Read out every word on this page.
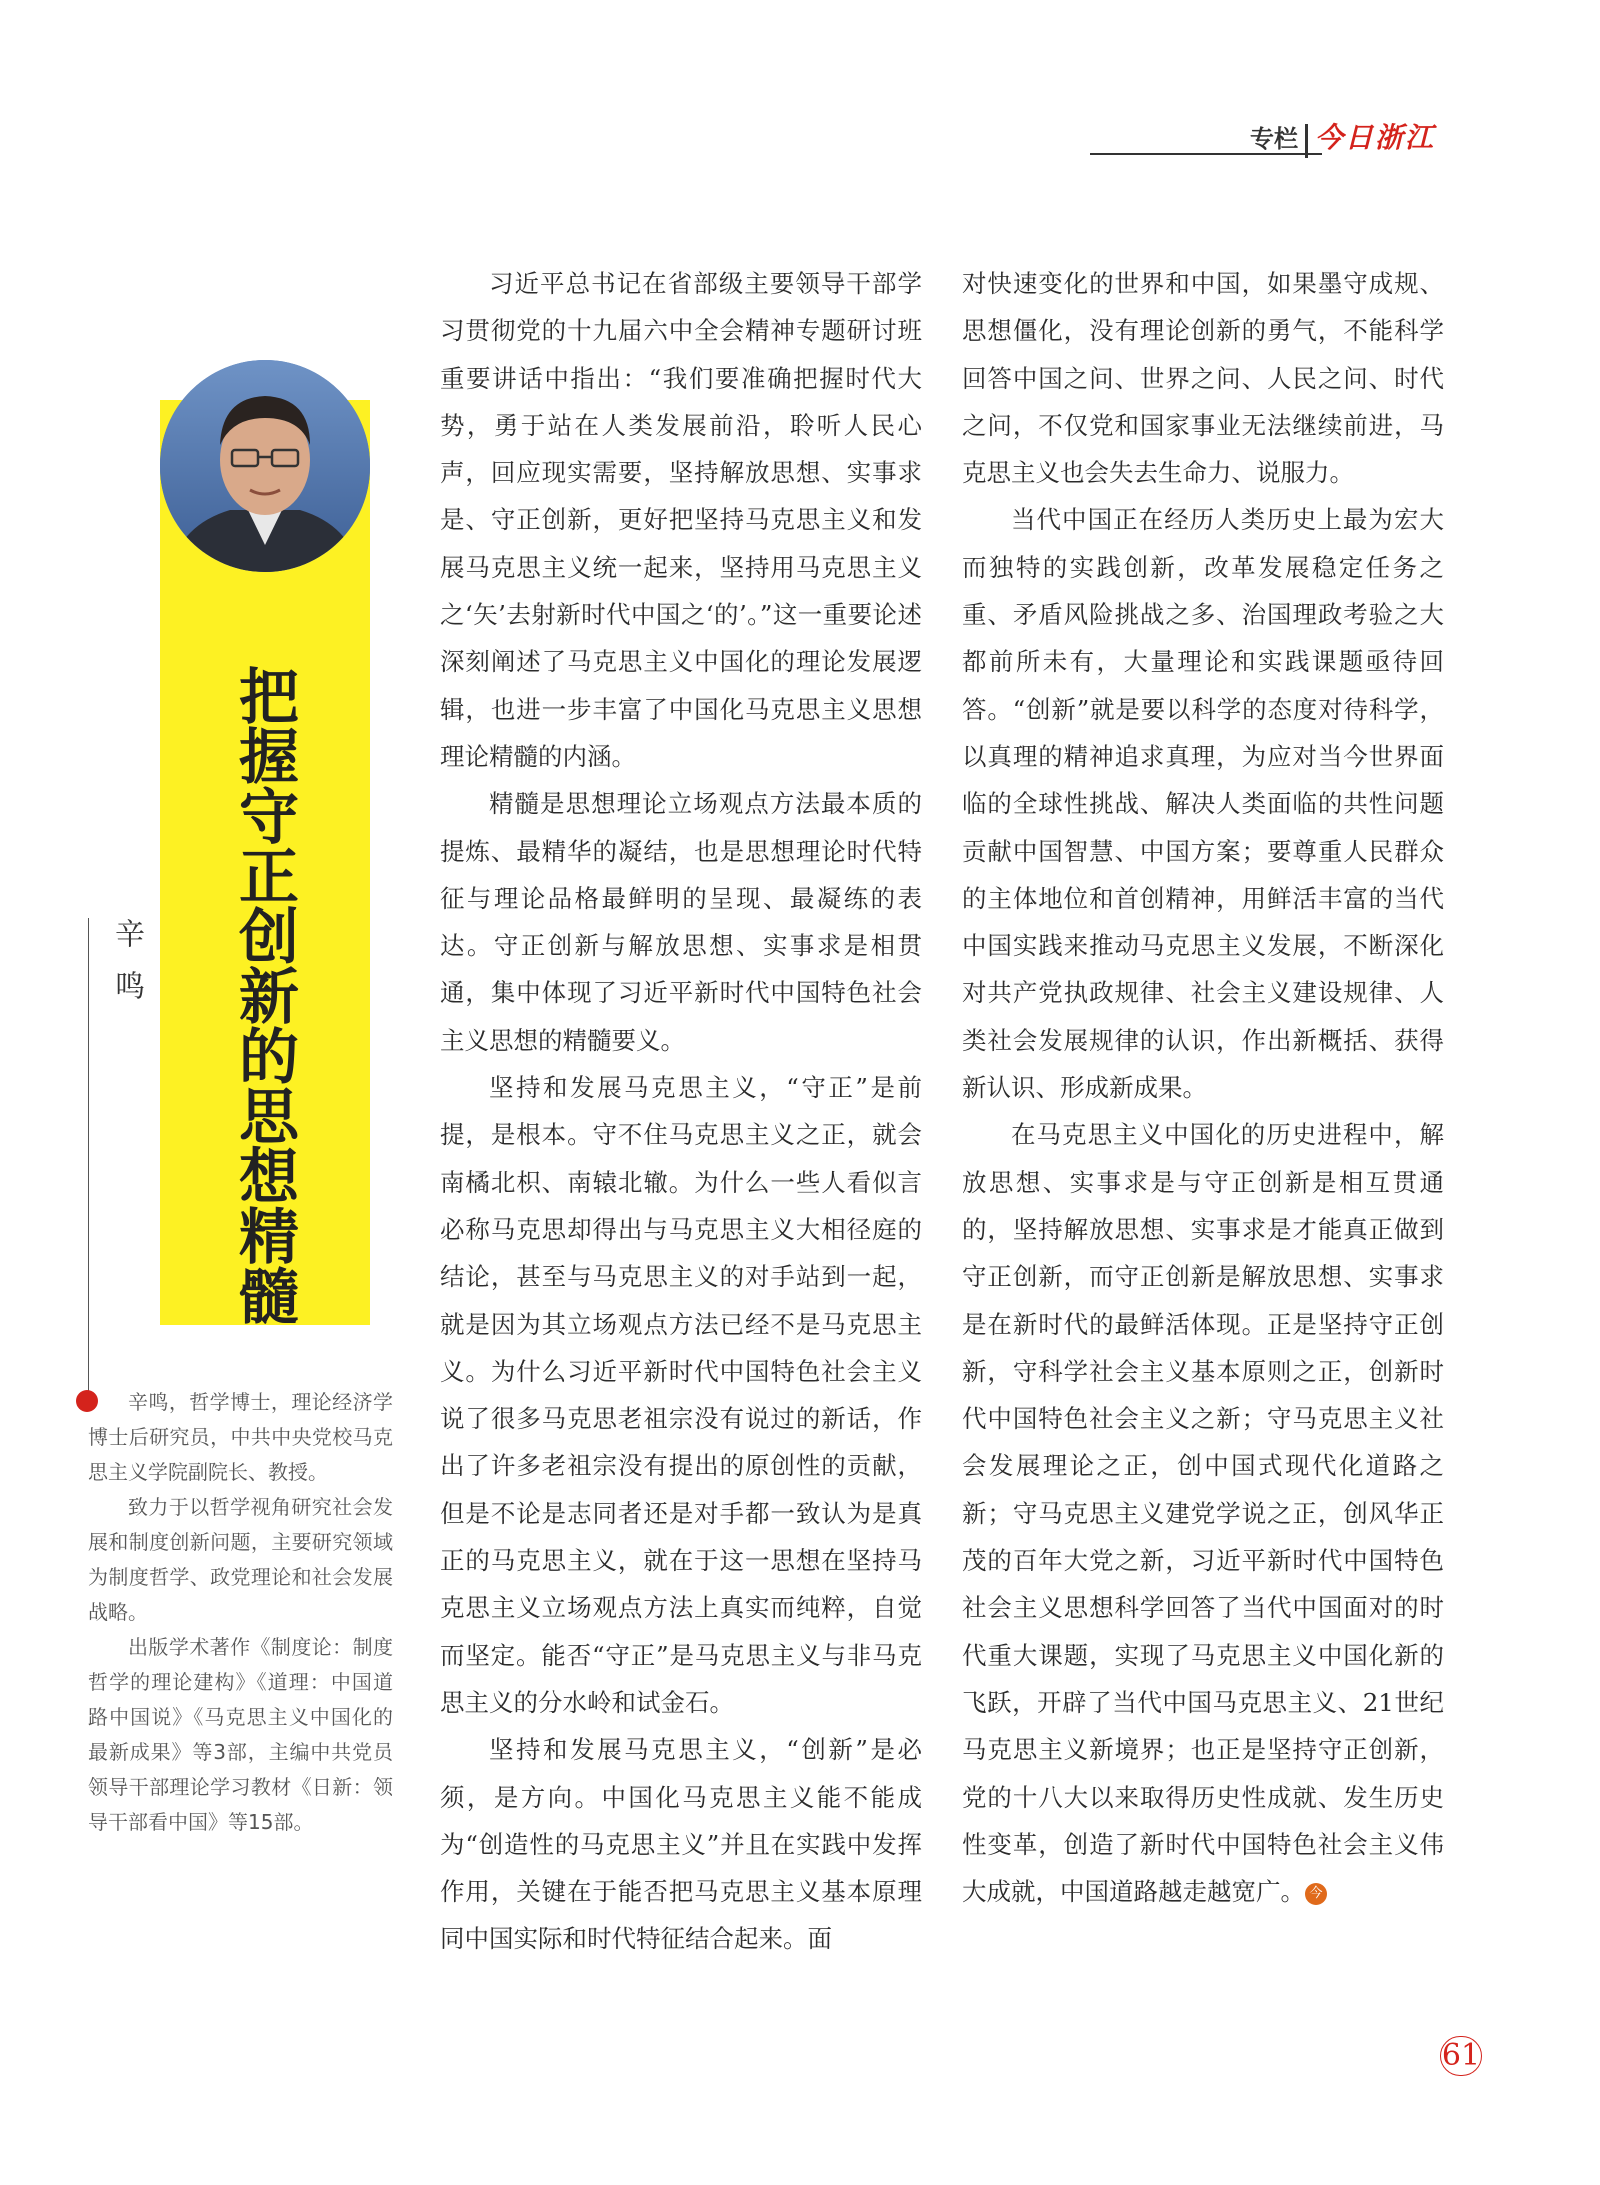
专栏 今日浙江
把握守正创新的思想精髓
辛鸣

辛鸣，哲学博士，理论经济学博士后研究员，中共中央党校马克思主义学院副院长、教授。

致力于以哲学视角研究社会发展和制度创新问题，主要研究领域为制度哲学、政党理论和社会发展战略。

出版学术著作《制度论：制度哲学的理论建构》《道理：中国道路中国说》《马克思主义中国化的最新成果》等3部，主编中共党员领导干部理论学习教材《日新：领导干部看中国》等15部。

习近平总书记在省部级主要领导干部学习贯彻党的十九届六中全会精神专题研讨班重要讲话中指出：“我们要准确把握时代大势，勇于站在人类发展前沿，聆听人民心声，回应现实需要，坚持解放思想、实事求是、守正创新，更好把坚持马克思主义和发展马克思主义统一起来，坚持用马克思主义之‘矢’去射新时代中国之‘的’。”这一重要论述深刻阐述了马克思主义中国化的理论发展逻辑，也进一步丰富了中国化马克思主义思想理论精髓的内涵。

精髓是思想理论立场观点方法最本质的提炼、最精华的凝结，也是思想理论时代特征与理论品格最鲜明的呈现、最凝练的表达。守正创新与解放思想、实事求是相贯通，集中体现了习近平新时代中国特色社会主义思想的精髓要义。

坚持和发展马克思主义，“守正”是前提，是根本。守不住马克思主义之正，就会南橘北枳、南辕北辙。为什么一些人看似言必称马克思却得出与马克思主义大相径庭的结论，甚至与马克思主义的对手站到一起，就是因为其立场观点方法已经不是马克思主义。为什么习近平新时代中国特色社会主义说了很多马克思老祖宗没有说过的新话，作出了许多老祖宗没有提出的原创性的贡献，但是不论是志同者还是对手都一致认为是真正的马克思主义，就在于这一思想在坚持马克思主义立场观点方法上真实而纯粹，自觉而坚定。能否“守正”是马克思主义与非马克思主义的分水岭和试金石。

坚持和发展马克思主义，“创新”是必须，是方向。中国化马克思主义能不能成为“创造性的马克思主义”并且在实践中发挥作用，关键在于能否把马克思主义基本原理同中国实际和时代特征结合起来。面

对快速变化的世界和中国，如果墨守成规、思想僵化，没有理论创新的勇气，不能科学回答中国之问、世界之问、人民之问、时代之问，不仅党和国家事业无法继续前进，马克思主义也会失去生命力、说服力。

当代中国正在经历人类历史上最为宏大而独特的实践创新，改革发展稳定任务之重、矛盾风险挑战之多、治国理政考验之大都前所未有，大量理论和实践课题亟待回答。“创新”就是要以科学的态度对待科学，以真理的精神追求真理，为应对当今世界面临的全球性挑战、解决人类面临的共性问题贡献中国智慧、中国方案；要尊重人民群众的主体地位和首创精神，用鲜活丰富的当代中国实践来推动马克思主义发展，不断深化对共产党执政规律、社会主义建设规律、人类社会发展规律的认识，作出新概括、获得新认识、形成新成果。

在马克思主义中国化的历史进程中，解放思想、实事求是与守正创新是相互贯通的，坚持解放思想、实事求是才能真正做到守正创新，而守正创新是解放思想、实事求是在新时代的最鲜活体现。正是坚持守正创新，守科学社会主义基本原则之正，创新时代中国特色社会主义之新；守马克思主义社会发展理论之正，创中国式现代化道路之新；守马克思主义建党学说之正，创风华正茂的百年大党之新，习近平新时代中国特色社会主义思想科学回答了当代中国面对的时代重大课题，实现了马克思主义中国化新的飞跃，开辟了当代中国马克思主义、21世纪马克思主义新境界；也正是坚持守正创新，党的十八大以来取得历史性成就、发生历史性变革，创造了新时代中国特色社会主义伟大成就，中国道路越走越宽广。 今

61
